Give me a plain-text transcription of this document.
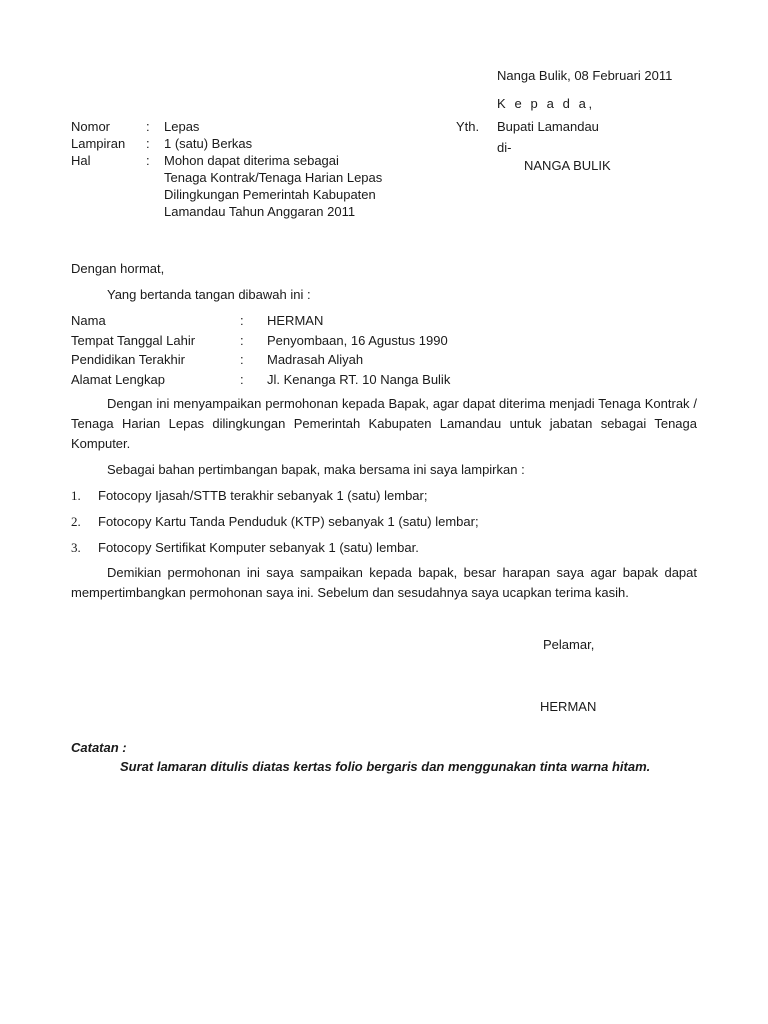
Nanga Bulik, 08 Februari 2011
K e p a d a,
Nomor	: Lepas
Lampiran : 1 (satu) Berkas
Hal	: Mohon dapat diterima sebagai
Tenaga Kontrak/Tenaga Harian Lepas
Dilingkungan Pemerintah Kabupaten
Lamandau Tahun Anggaran 2011
Yth. Bupati Lamandau
di-
NANGA BULIK
Dengan hormat,
Yang bertanda tangan dibawah ini :
Nama	: HERMAN
Tempat Tanggal Lahir	: Penyombaan, 16 Agustus 1990
Pendidikan Terakhir	: Madrasah Aliyah
Alamat Lengkap	: Jl. Kenanga RT. 10 Nanga Bulik
Dengan ini menyampaikan permohonan kepada Bapak, agar dapat diterima menjadi Tenaga Kontrak / Tenaga Harian Lepas dilingkungan Pemerintah Kabupaten Lamandau untuk jabatan sebagai Tenaga Komputer.
Sebagai bahan pertimbangan bapak, maka bersama ini saya lampirkan :
1. Fotocopy Ijasah/STTB terakhir sebanyak 1 (satu) lembar;
2. Fotocopy Kartu Tanda Penduduk (KTP) sebanyak 1 (satu) lembar;
3. Fotocopy Sertifikat Komputer sebanyak 1 (satu) lembar.
Demikian permohonan ini saya sampaikan kepada bapak, besar harapan saya agar bapak dapat mempertimbangkan permohonan saya ini. Sebelum dan sesudahnya saya ucapkan terima kasih.
Pelamar,
HERMAN
Catatan :
Surat lamaran ditulis diatas kertas folio bergaris dan menggunakan tinta warna hitam.
